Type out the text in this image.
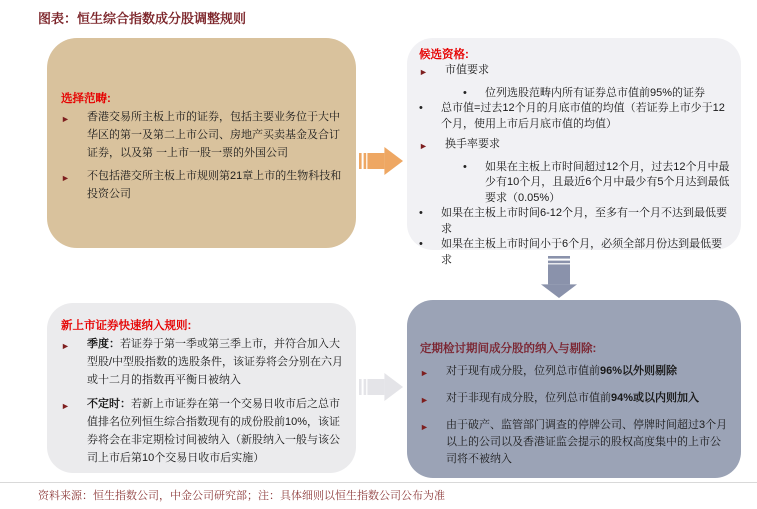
图表：恒生综合指数成分股调整规则
选择范畴:
►	香港交易所主板上市的证券，包括主要业务位于大中华区的第一及第二上市公司、房地产买卖基金及合订证券，以及第 一上市一股一票的外国公司
►	不包括港交所主板上市规则第21章上市的生物科技和投资公司
候选资格:
►	市值要求
•	位列选股范畴内所有证券总市值前95%的证券
•	总市值=过去12个月的月底市值的均值（若证券上市少于12个月，使用上市后月底市值的均值）
►	换手率要求
•	如果在主板上市时间超过12个月，过去12个月中最少有10个月，且最近6个月中最少有5个月达到最低要求（0.05%）
•	如果在主板上市时间6-12个月，至多有一个月不达到最低要求
•	如果在主板上市时间小于6个月，必须全部月份达到最低要求
新上市证券快速纳入规则:
►	季度：若证券于第一季或第三季上市，并符合加入大型股/中型股指数的选股条件，该证券将会分别在六月或十二月的指数再平衡日被纳入
►	不定时：若新上市证券在第一个交易日收市后之总市值排名位列恒生综合指数现有的成份股前10%，该证券将会在非定期检讨间被纳入（新股纳入一般与该公司上市后第10个交易日收市后实施）
定期检讨期间成分股的纳入与剔除:
►	对于现有成分股，位列总市值前96%以外则剔除
►	对于非现有成分股，位列总市值前94%或以内则加入
►	由于破产、监管部门调查的停牌公司、停牌时间超过3个月以上的公司以及香港证监会提示的股权高度集中的上市公司将不被纳入
资料来源：恒生指数公司，中金公司研究部；注：具体细则以恒生指数公司公布为准
